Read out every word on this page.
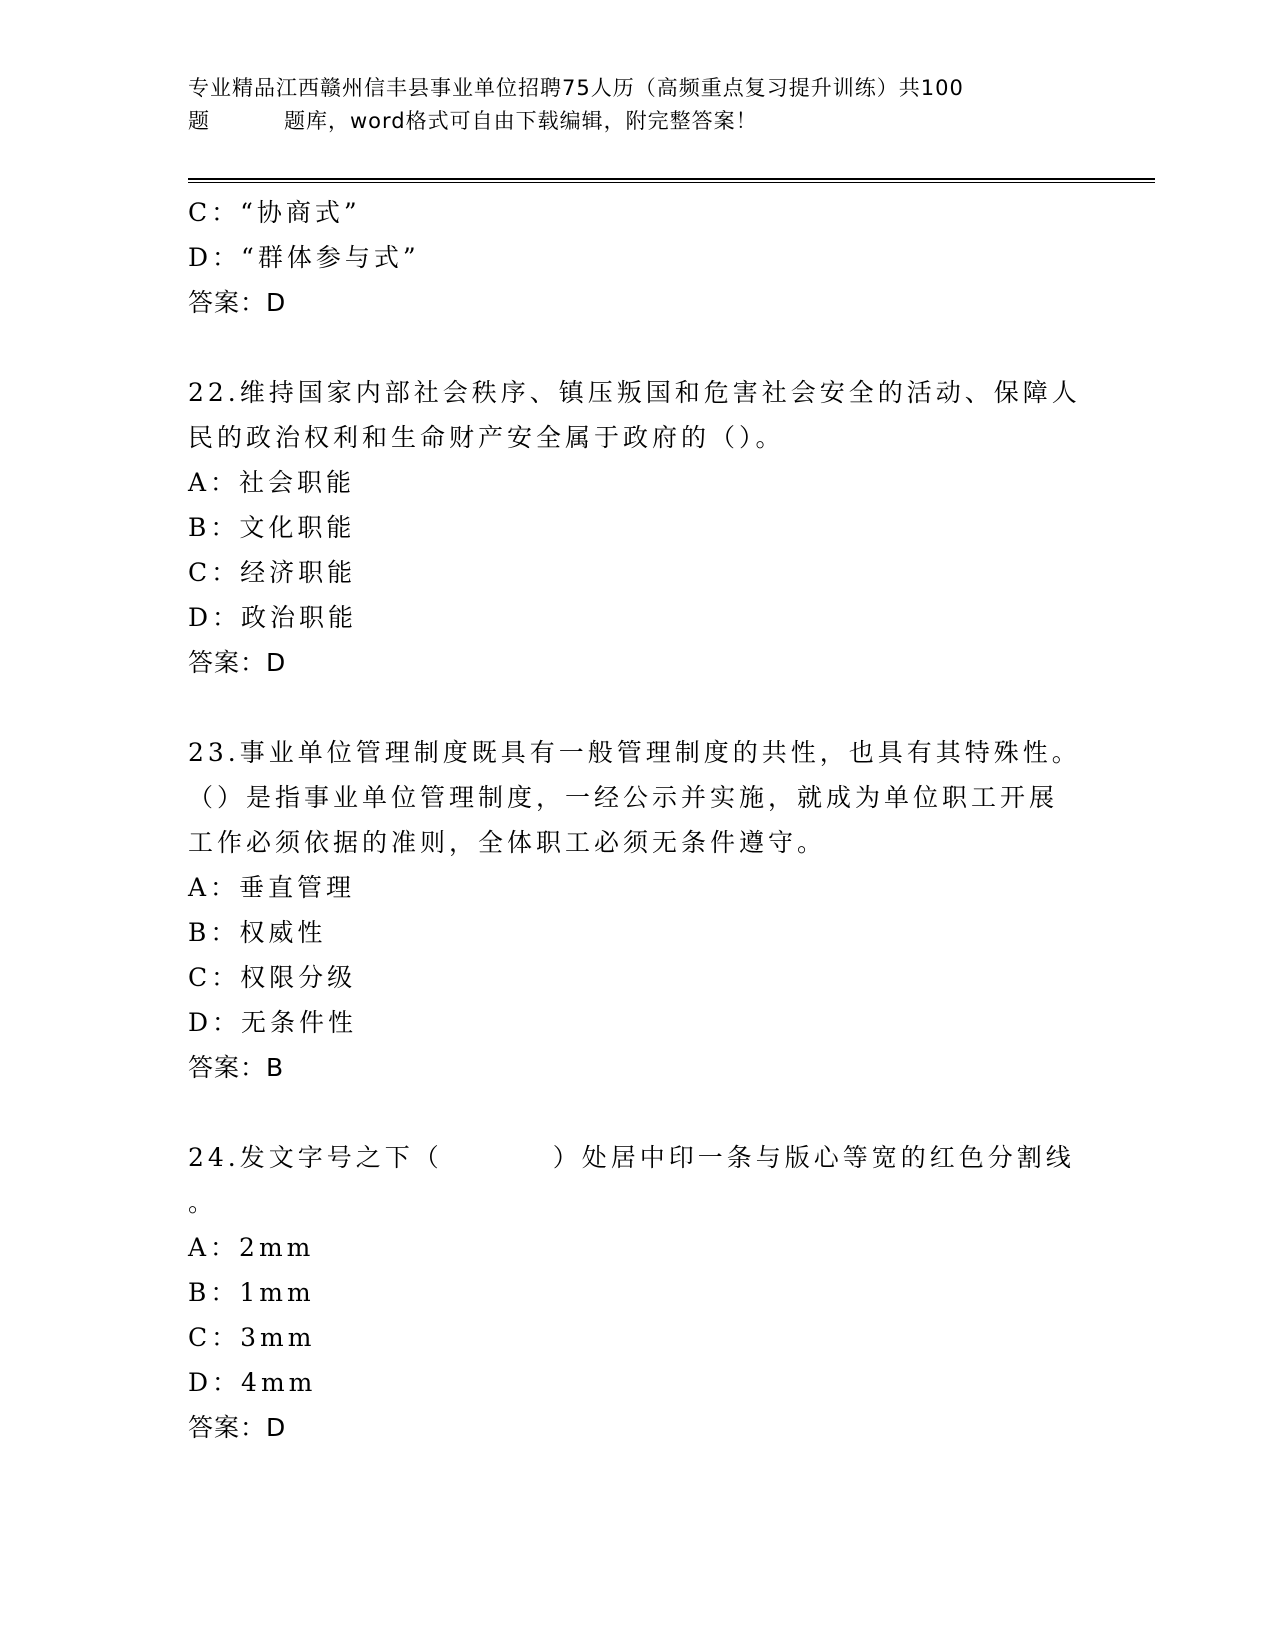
专业精品江西赣州信丰县事业单位招聘75人历（高频重点复习提升训练）共100
题	题库，word格式可自由下载编辑，附完整答案！
C：“协商式”
D：“群体参与式”
答案：D
22.维持国家内部社会秩序、镇压叛国和危害社会安全的活动、保障人
民的政治权利和生命财产安全属于政府的（）。
A：社会职能
B：文化职能
C：经济职能
D：政治职能
答案：D
23.事业单位管理制度既具有一般管理制度的共性，也具有其特殊性。
（）是指事业单位管理制度，一经公示并实施，就成为单位职工开展
工作必须依据的准则，全体职工必须无条件遵守。
A：垂直管理
B：权威性
C：权限分级
D：无条件性
答案：B
24.发文字号之下（	）处居中印一条与版心等宽的红色分割线
。
A：2mm
B：1mm
C：3mm
D：4mm
答案：D
